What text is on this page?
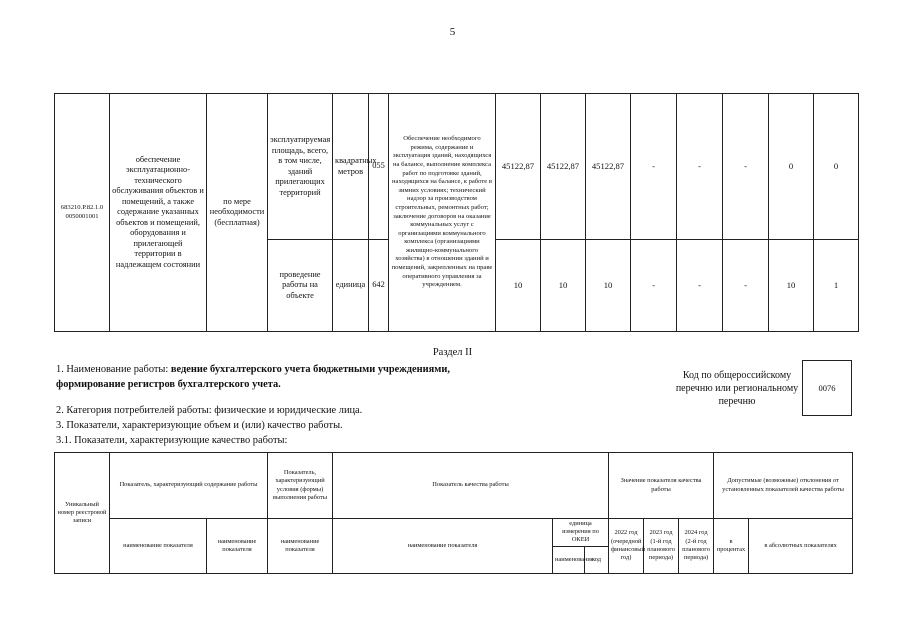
5
683210.Р.82.1.0 0050001001	обеспечение эксплуатационно-технического обслуживания объектов и помещений, а также содержание указанных объектов и помещений, оборудования и прилегающей территории в надлежащем состоянии	по мере необходимости (бесплатная)	эксплуатируемая площадь, всего, в том числе, зданий прилегающих территорий	квадратных метров	055	Обеспечение необходимого режима, содержание и эксплуатация зданий, находящихся на балансе, выполнение комплекса работ по подготовке зданий, находящихся на балансе, к работе в зимних условиях; технический надзор за производством строительных, ремонтных работ; заключение договоров на оказание коммунальных услуг с организациями коммунального комплекса (организациями жилищно-коммунального хозяйства) в отношении зданий и помещений, закрепленных на праве оперативного управления за учреждением.	45122,87	45122,87	45122,87	-	-	-	0	0
			проведение работы на объекте	единица	642		10	10	10	-	-	-	10	1
Раздел II
1. Наименование работы: ведение бухгалтерского учета бюджетными учреждениями,
формирование регистров бухгалтерского учета.
Код по общероссийскому перечню или региональному перечню
0076
2. Категория потребителей работы: физические и юридические лица.
3. Показатели, характеризующие объем и (или) качество работы.
3.1. Показатели, характеризующие качество работы:
Уникальный номер реестровой записи	Показатель, характеризующий содержание работы		Показатель, характеризующий условия (формы) выполнения работы	Показатель качества работы			Значение показателя качества работы			Допустимые (возможные) отклонения от установленных показателей качества работы	
	наименование показателя	наименование показателя	наименование показателя	наименование показателя	единица измерения по ОКЕИ		2022 год (очередной финансовый год)	2023 год (1-й год планового периода)	2024 год (2-й год планового периода)	в процентах	в абсолютных показателях
					наименование	код					
